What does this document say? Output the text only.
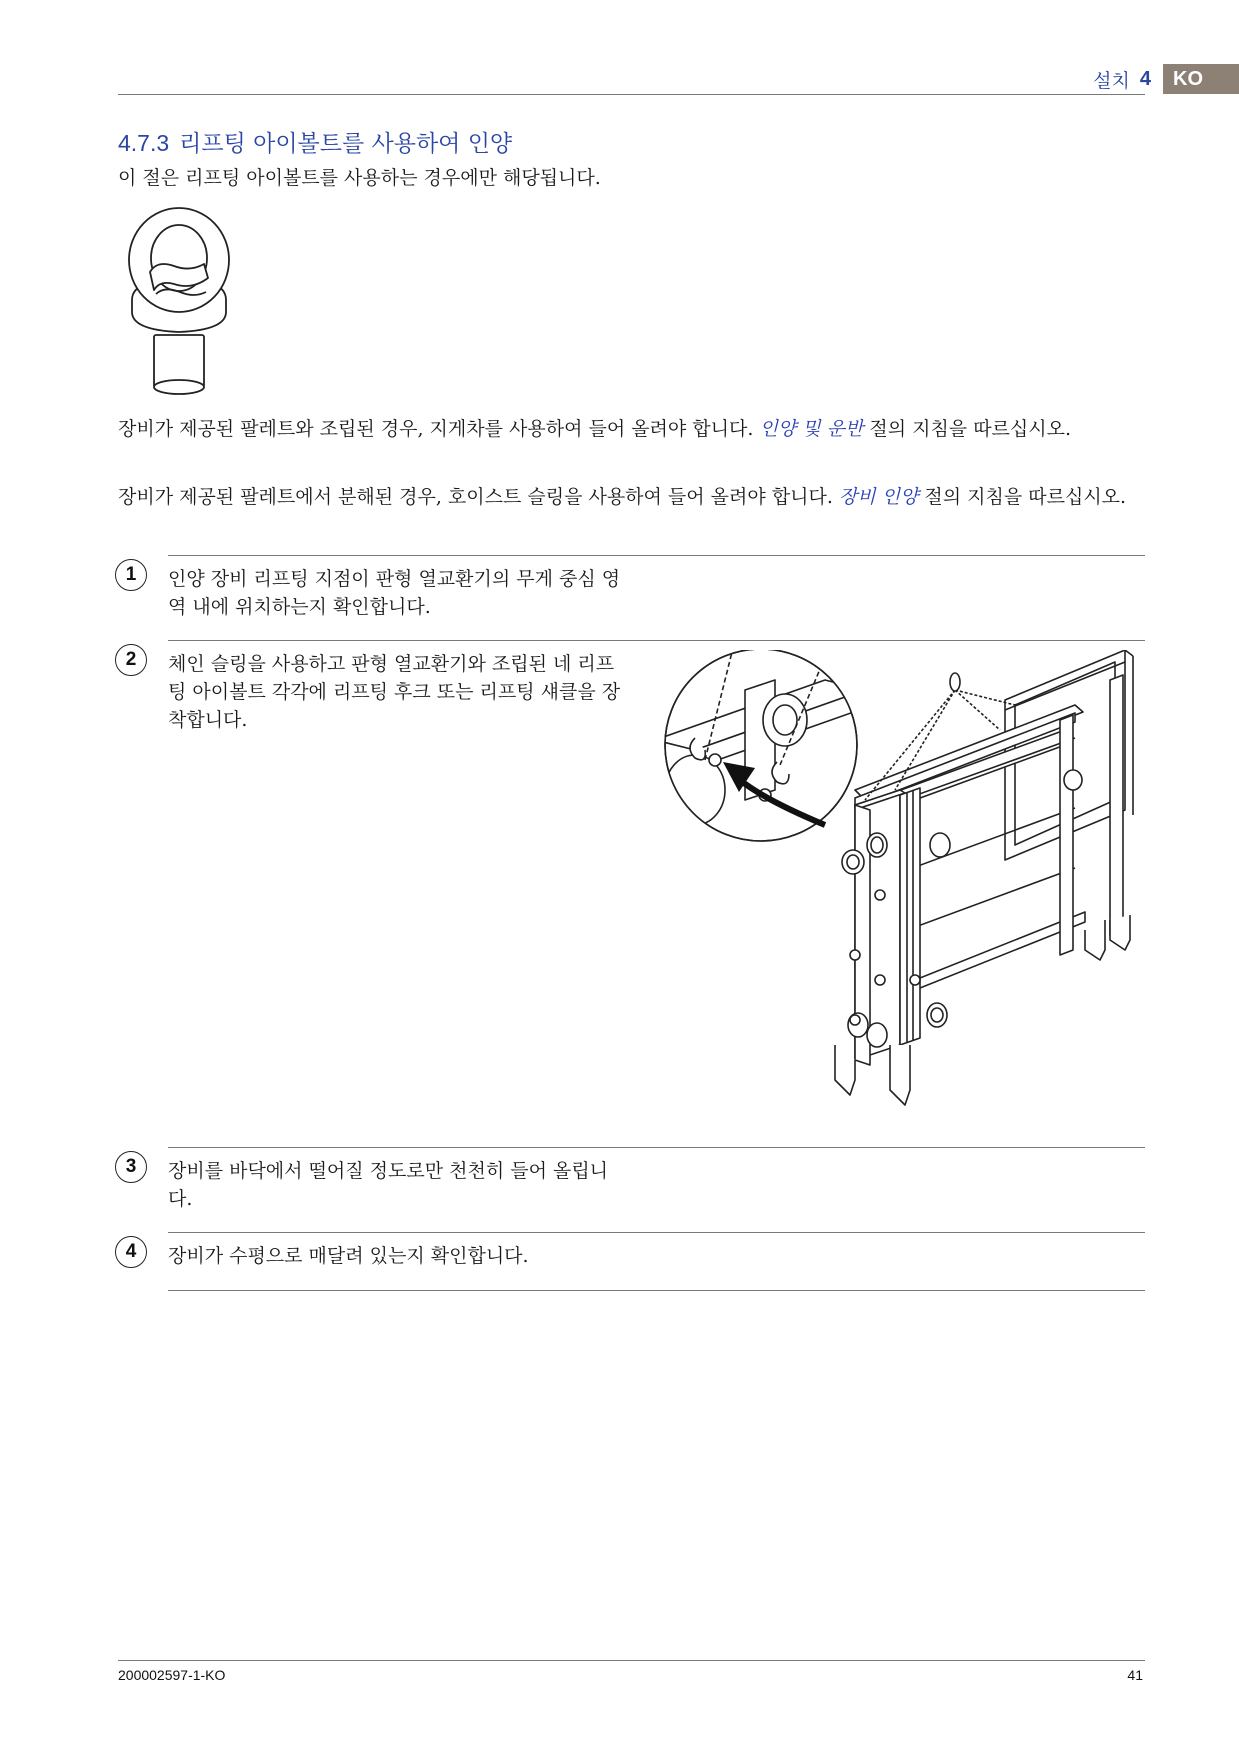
설치 4	KO
4.7.3 리프팅 아이볼트를 사용하여 인양

이 절은 리프팅 아이볼트를 사용하는 경우에만 해당됩니다.

장비가 제공된 팔레트와 조립된 경우, 지게차를 사용하여 들어 올려야 합니다. 인양 및 운반 절의 지침을 따르십시오.

장비가 제공된 팔레트에서 분해된 경우, 호이스트 슬링을 사용하여 들어 올려야 합니다. 장비 인양 절의 지침을 따르십시오.

1	인양 장비 리프팅 지점이 판형 열교환기의 무게 중심 영역 내에 위치하는지 확인합니다.

2	체인 슬링을 사용하고 판형 열교환기와 조립된 네 리프팅 아이볼트 각각에 리프팅 후크 또는 리프팅 섀클을 장착합니다.

3	장비를 바닥에서 떨어질 정도로만 천천히 들어 올립니다.

4	장비가 수평으로 매달려 있는지 확인합니다.

200002597-1-KO	41
